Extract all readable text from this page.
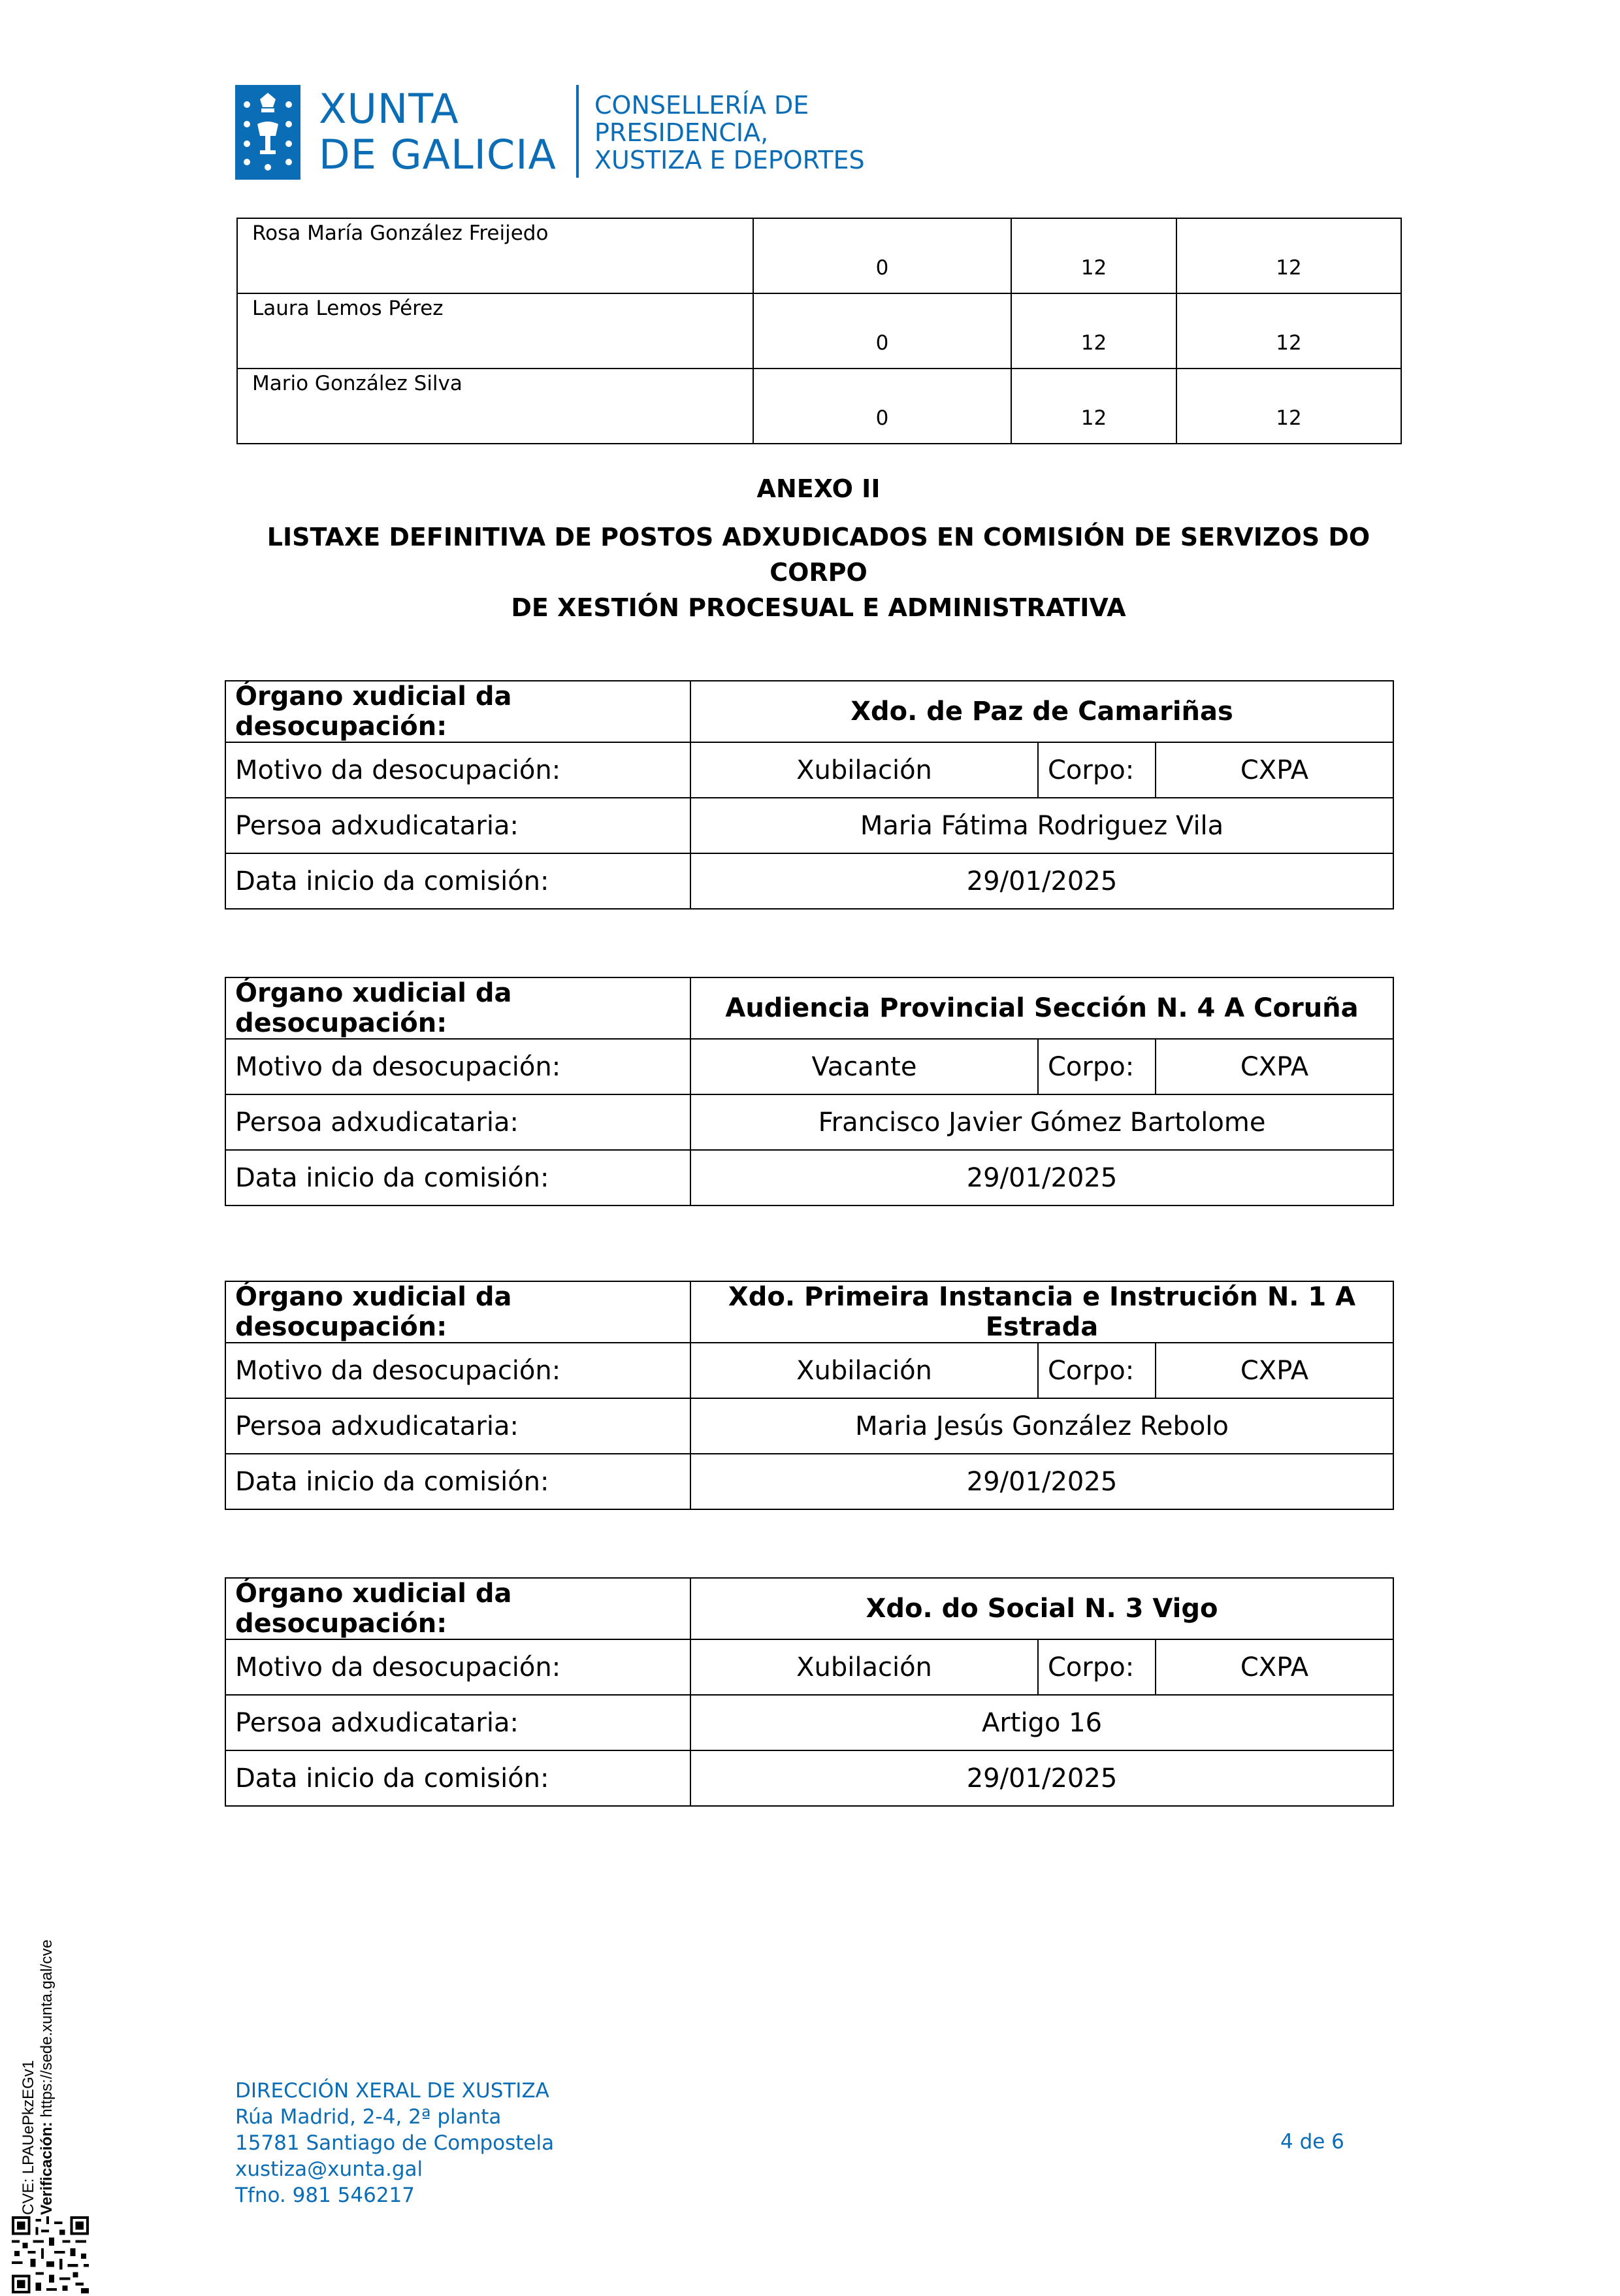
XUNTA
DE GALICIA
CONSELLERÍA DE
PRESIDENCIA,
XUSTIZA E DEPORTES
Rosa María González Freijedo	0	12	12
Laura Lemos Pérez	0	12	12
Mario González Silva	0	12	12
ANEXO II
LISTAXE DEFINITIVA DE POSTOS ADXUDICADOS EN COMISIÓN DE SERVIZOS DO CORPO
DE XESTIÓN PROCESUAL E ADMINISTRATIVA
Órgano xudicial da desocupación:	Xdo. de Paz de Camariñas		
Motivo da desocupación:	Xubilación	Corpo:	CXPA
Persoa adxudicataria:	Maria Fátima Rodriguez Vila		
Data inicio da comisión:	29/01/2025		
Órgano xudicial da desocupación:	Audiencia Provincial Sección N. 4 A Coruña		
Motivo da desocupación:	Vacante	Corpo:	CXPA
Persoa adxudicataria:	Francisco Javier Gómez Bartolome		
Data inicio da comisión:	29/01/2025		
Órgano xudicial da desocupación:	Xdo. Primeira Instancia e Instrución N. 1 A Estrada		
Motivo da desocupación:	Xubilación	Corpo:	CXPA
Persoa adxudicataria:	Maria Jesús González Rebolo		
Data inicio da comisión:	29/01/2025		
Órgano xudicial da desocupación:	Xdo. do Social N. 3 Vigo		
Motivo da desocupación:	Xubilación	Corpo:	CXPA
Persoa adxudicataria:	Artigo 16		
Data inicio da comisión:	29/01/2025		
DIRECCIÓN XERAL DE XUSTIZA
Rúa Madrid, 2-4, 2ª planta
15781 Santiago de Compostela
xustiza@xunta.gal
Tfno. 981 546217
4 de 6
CVE: LPAUePkzEGv1 Verificación: https://sede.xunta.gal/cve
